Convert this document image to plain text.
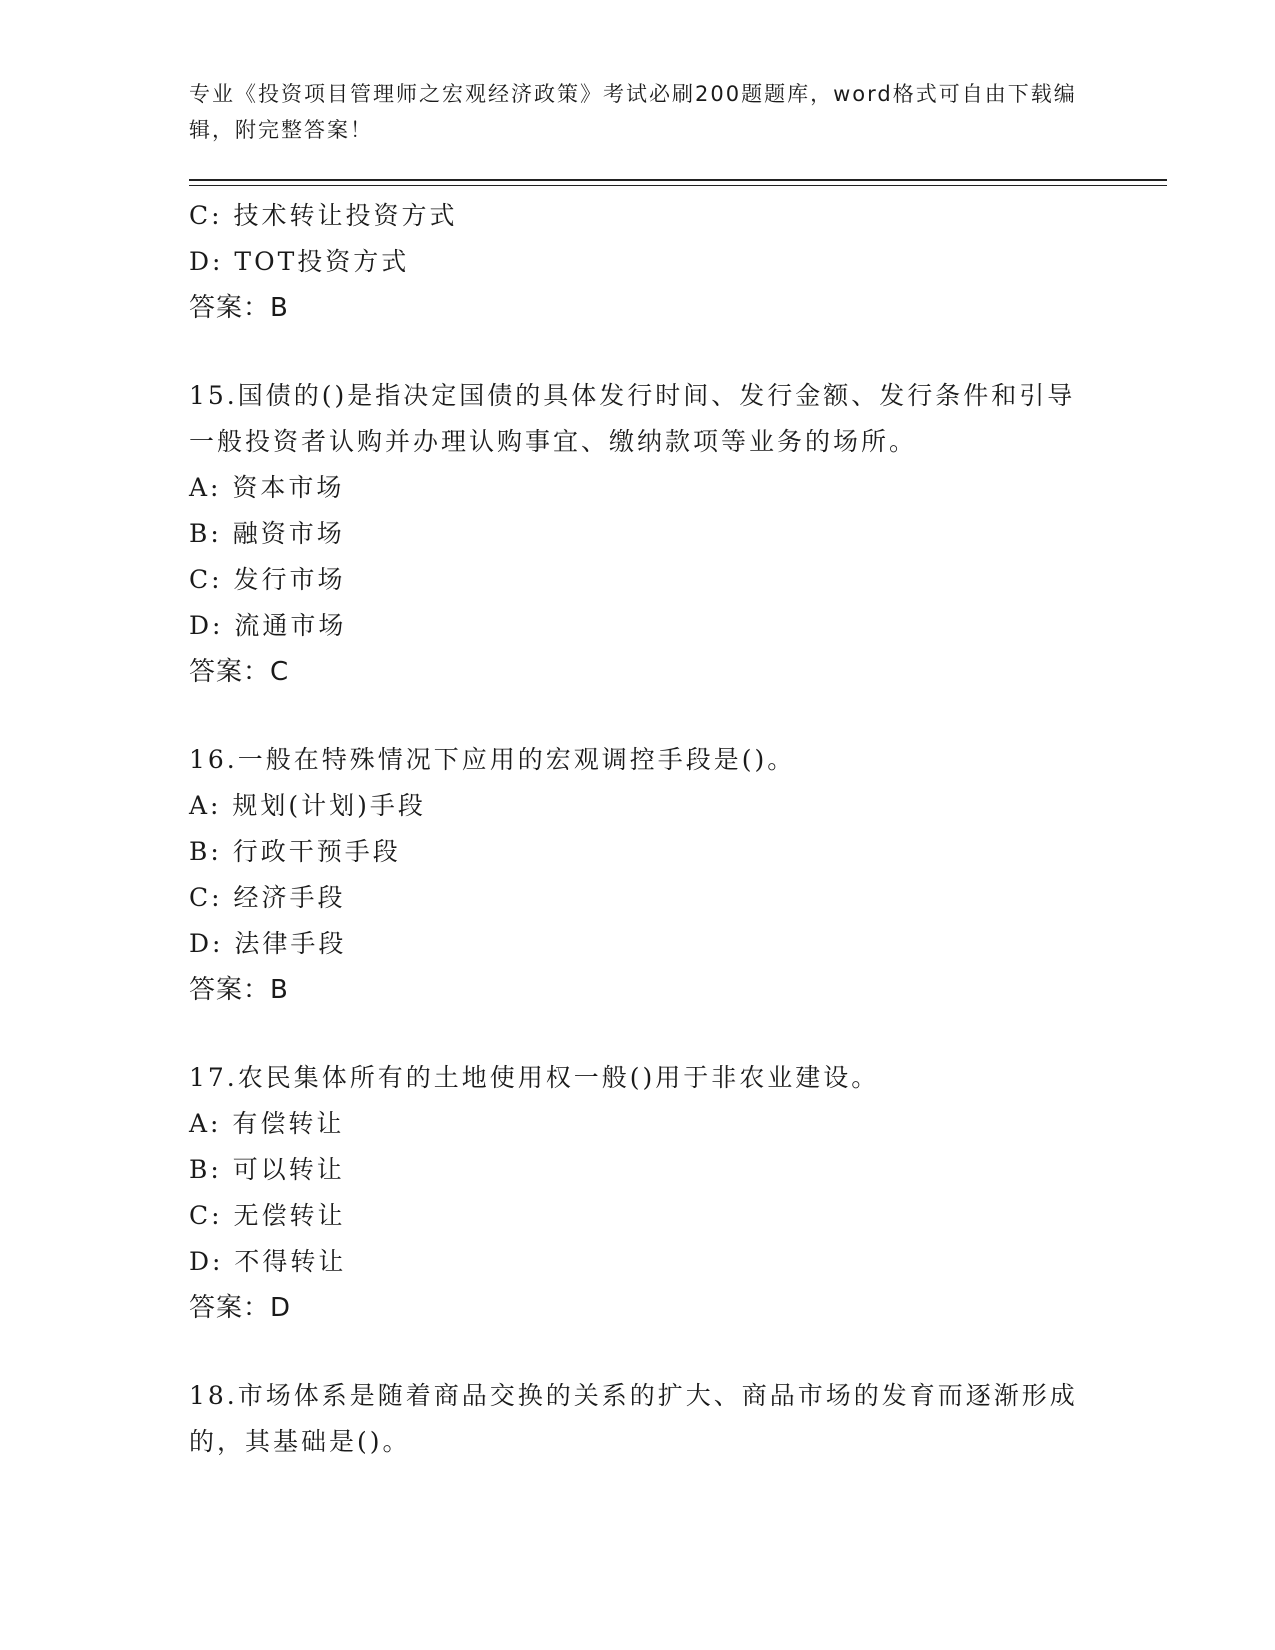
专业《投资项目管理师之宏观经济政策》考试必刷200题题库，word格式可自由下载编辑，附完整答案！
C: 技术转让投资方式
D: TOT投资方式
答案：B
15.国债的()是指决定国债的具体发行时间、发行金额、发行条件和引导一般投资者认购并办理认购事宜、缴纳款项等业务的场所。
A: 资本市场
B: 融资市场
C: 发行市场
D: 流通市场
答案：C
16.一般在特殊情况下应用的宏观调控手段是()。
A: 规划(计划)手段
B: 行政干预手段
C: 经济手段
D: 法律手段
答案：B
17.农民集体所有的土地使用权一般()用于非农业建设。
A: 有偿转让
B: 可以转让
C: 无偿转让
D: 不得转让
答案：D
18.市场体系是随着商品交换的关系的扩大、商品市场的发育而逐渐形成的，其基础是()。
